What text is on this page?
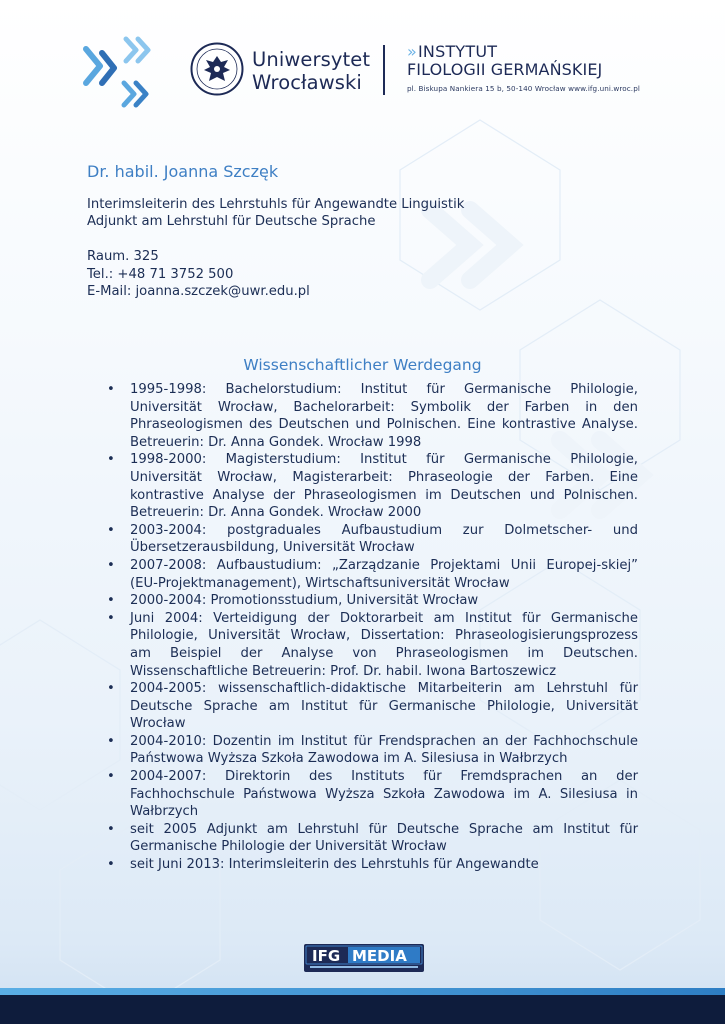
Uniwersytet
Wrocławski
»INSTYTUT
FILOLOGII GERMAŃSKIEJ
pl. Biskupa Nankiera 15 b, 50-140 Wrocław www.ifg.uni.wroc.pl
Dr. habil. Joanna Szczęk
Interimsleiterin des Lehrstuhls für Angewandte Linguistik
Adjunkt am Lehrstuhl für Deutsche Sprache
Raum. 325
Tel.: +48 71 3752 500
E-Mail: joanna.szczek@uwr.edu.pl
Wissenschaftlicher Werdegang
• 1995-1998: Bachelorstudium: Institut für Germanische Philologie, Universität Wrocław, Bachelorarbeit: Symbolik der Farben in den Phraseologismen des Deutschen und Polnischen. Eine kontrastive Analyse. Betreuerin: Dr. Anna Gondek. Wrocław 1998
• 1998-2000: Magisterstudium: Institut für Germanische Philologie, Universität Wrocław, Magisterarbeit: Phraseologie der Farben. Eine kontrastive Analyse der Phraseologismen im Deutschen und Polnischen. Betreuerin: Dr. Anna Gondek. Wrocław 2000
• 2003-2004: postgraduales Aufbaustudium zur Dolmetscher- und Übersetzerausbildung, Universität Wrocław
• 2007-2008: Aufbaustudium: „Zarządzanie Projektami Unii Europej-skiej” (EU-Projektmanagement), Wirtschaftsuniversität Wrocław
• 2000-2004: Promotionsstudium, Universität Wrocław
• Juni 2004: Verteidigung der Doktorarbeit am Institut für Germanische Philologie, Universität Wrocław, Dissertation: Phraseologisierungsprozess am Beispiel der Analyse von Phraseologismen im Deutschen. Wissenschaftliche Betreuerin: Prof. Dr. habil. Iwona Bartoszewicz
• 2004-2005: wissenschaftlich-didaktische Mitarbeiterin am Lehrstuhl für Deutsche Sprache am Institut für Germanische Philologie, Universität Wrocław
• 2004-2010: Dozentin im Institut für Frendsprachen an der Fachhochschule Państwowa Wyższa Szkoła Zawodowa im A. Silesiusa in Wałbrzych
• 2004-2007: Direktorin des Instituts für Fremdsprachen an der Fachhochschule Państwowa Wyższa Szkoła Zawodowa im A. Silesiusa in Wałbrzych
• seit 2005 Adjunkt am Lehrstuhl für Deutsche Sprache am Institut für Germanische Philologie der Universität Wrocław
• seit Juni 2013: Interimsleiterin des Lehrstuhls für Angewandte
IFG MEDIA
